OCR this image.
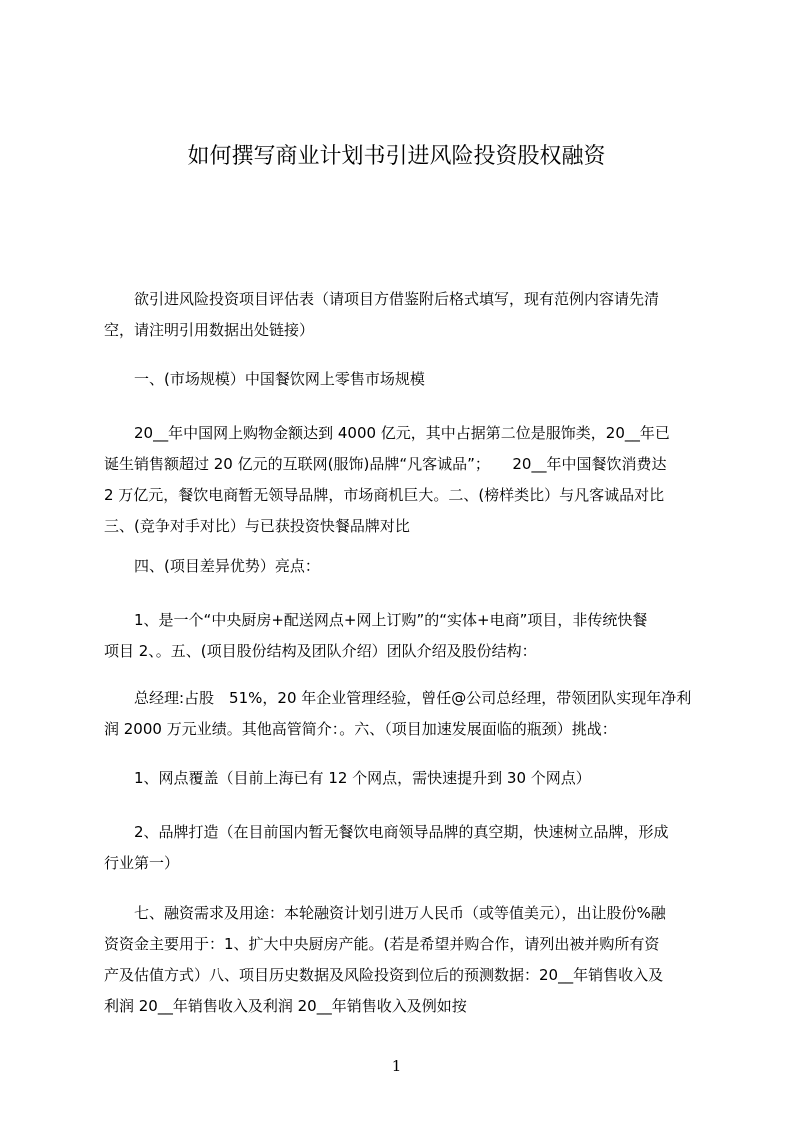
如何撰写商业计划书引进风险投资股权融资
　　欲引进风险投资项目评估表（请项目方借鉴附后格式填写，现有范例内容请先清
空，请注明引用数据出处链接）
　　一、(市场规模）中国餐饮网上零售市场规模
　　20__年中国网上购物金额达到 4000 亿元，其中占据第二位是服饰类，20__年已
诞生销售额超过 20 亿元的互联网(服饰)品牌“凡客诚品”；　　20__年中国餐饮消费达
2 万亿元，餐饮电商暂无领导品牌，市场商机巨大。二、(榜样类比）与凡客诚品对比
三、(竞争对手对比）与已获投资快餐品牌对比
　　四、(项目差异优势）亮点：
　　1、是一个“中央厨房+配送网点+网上订购”的“实体+电商”项目，非传统快餐
项目 2、。五、(项目股份结构及团队介绍）团队介绍及股份结构：
　　总经理:占股　51%，20 年企业管理经验，曾任@公司总经理，带领团队实现年净利
润 2000 万元业绩。其他高管简介：。六、（项目加速发展面临的瓶颈）挑战：
　　1、网点覆盖（目前上海已有 12 个网点，需快速提升到 30 个网点）
　　2、品牌打造（在目前国内暂无餐饮电商领导品牌的真空期，快速树立品牌，形成
行业第一）
　　七、融资需求及用途：本轮融资计划引进万人民币（或等值美元），出让股份%融
资资金主要用于：1、扩大中央厨房产能。(若是希望并购合作，请列出被并购所有资
产及估值方式）八、项目历史数据及风险投资到位后的预测数据：20__年销售收入及
利润 20__年销售收入及利润 20__年销售收入及例如按
1
